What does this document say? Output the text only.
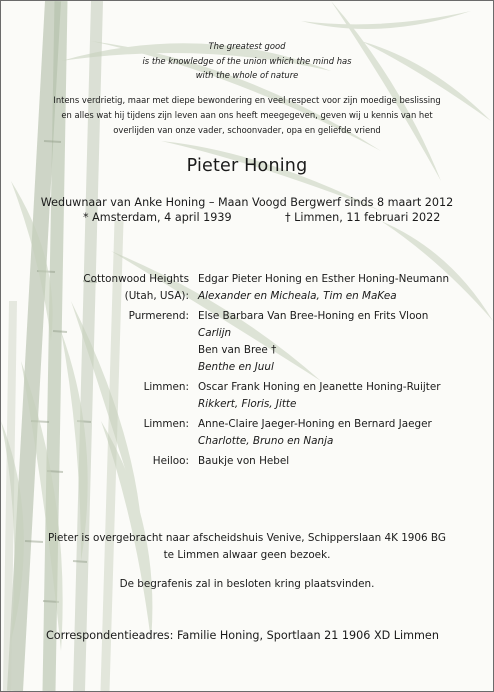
The greatest good
is the knowledge of the union which the mind has
with the whole of nature
Intens verdrietig, maar met diepe bewondering en veel respect voor zijn moedige beslissing
en alles wat hij tijdens zijn leven aan ons heeft meegegeven, geven wij u kennis van het
overlijden van onze vader, schoonvader, opa en geliefde vriend
Pieter Honing
Weduwnaar van Anke Honing – Maan Voogd Bergwerf sinds 8 maart 2012
* Amsterdam, 4 april 1939	† Limmen, 11 februari 2022
Cottonwood Heights
(Utah, USA):
Edgar Pieter Honing en Esther Honing-Neumann
Alexander en Micheala, Tim en MaKea
Purmerend: Else Barbara Van Bree-Honing en Frits Vloon
Carlijn
Ben van Bree †
Benthe en Juul
Limmen: Oscar Frank Honing en Jeanette Honing-Ruijter
Rikkert, Floris, Jitte
Limmen: Anne-Claire Jaeger-Honing en Bernard Jaeger
Charlotte, Bruno en Nanja
Heiloo: Baukje von Hebel
Pieter is overgebracht naar afscheidshuis Venive, Schipperslaan 4K 1906 BG
te Limmen alwaar geen bezoek.
De begrafenis zal in besloten kring plaatsvinden.
Correspondentieadres: Familie Honing, Sportlaan 21 1906 XD Limmen
